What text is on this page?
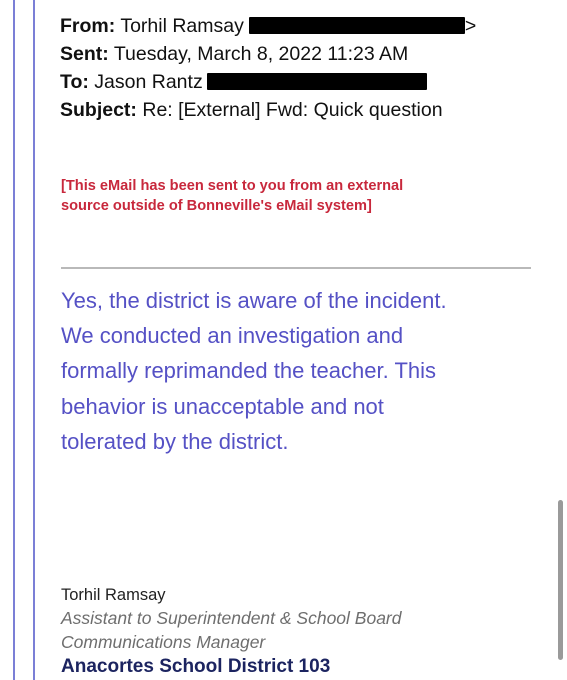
From: Torhil Ramsay	>
Sent: Tuesday, March 8, 2022 11:23 AM
To: Jason Rantz
Subject: Re: [External] Fwd: Quick question
[This eMail has been sent to you from an external
source outside of Bonneville's eMail system]
Yes, the district is aware of the incident.
We conducted an investigation and
formally reprimanded the teacher. This
behavior is unacceptable and not
tolerated by the district.
Torhil Ramsay
Assistant to Superintendent & School Board
Communications Manager
Anacortes School District 103
